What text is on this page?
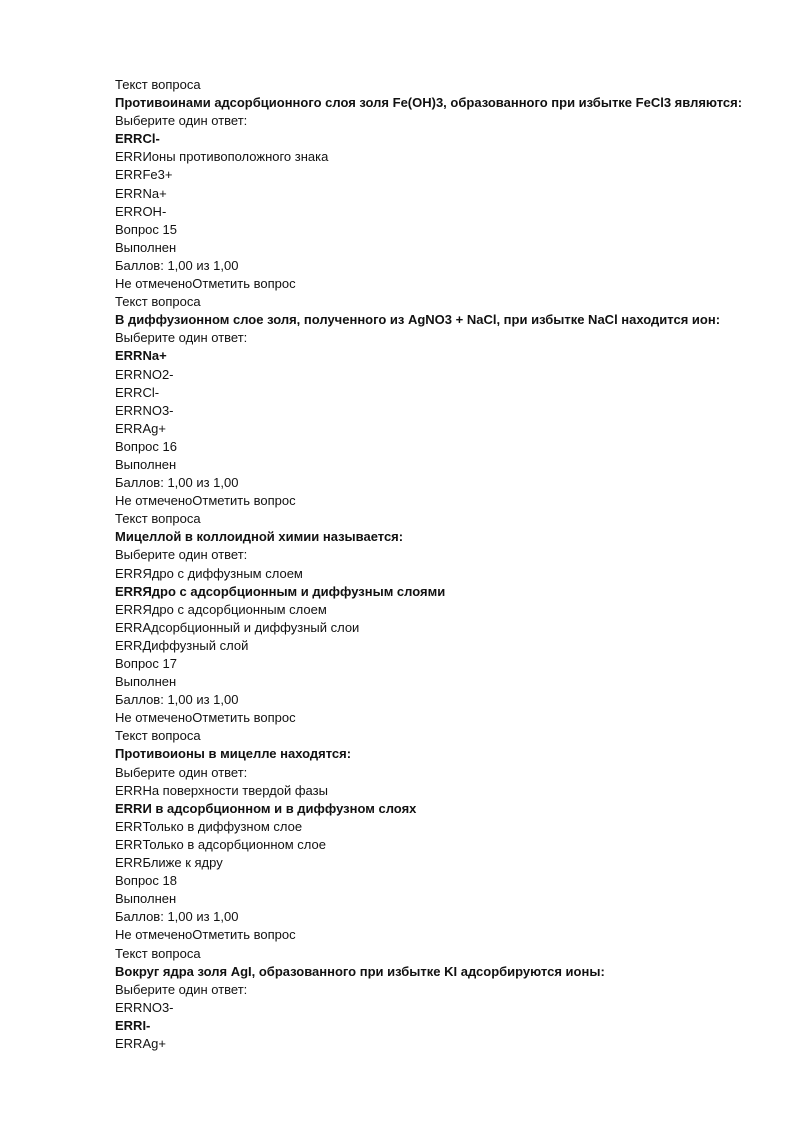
Текст вопроса
Противоинами адсорбционного слоя золя Fe(OH)3, образованного при избытке FeCl3 являются:
Выберите один ответ:
ERRCl-
ERRИоны противоположного знака
ERRFe3+
ERRNa+
ERROH-
Вопрос 15
Выполнен
Баллов: 1,00 из 1,00
Не отмеченоОтметить вопрос
Текст вопроса
В диффузионном слое золя, полученного из AgNO3 + NaCl, при избытке NaCl находится ион:
Выберите один ответ:
ERRNa+
ERRNO2-
ERRCl-
ERRNO3-
ERRAg+
Вопрос 16
Выполнен
Баллов: 1,00 из 1,00
Не отмеченоОтметить вопрос
Текст вопроса
Мицеллой в коллоидной химии называется:
Выберите один ответ:
ERRЯдро с диффузным слоем
ERRЯдро с адсорбционным и диффузным слоями
ERRЯдро с адсорбционным слоем
ERRАдсорбционный и диффузный слои
ERRДиффузный слой
Вопрос 17
Выполнен
Баллов: 1,00 из 1,00
Не отмеченоОтметить вопрос
Текст вопроса
Противоионы в мицелле находятся:
Выберите один ответ:
ERRНа поверхности твердой фазы
ERRИ в адсорбционном и в диффузном слоях
ERRТолько в диффузном слое
ERRТолько в адсорбционном слое
ERRБлиже к ядру
Вопрос 18
Выполнен
Баллов: 1,00 из 1,00
Не отмеченоОтметить вопрос
Текст вопроса
Вокруг ядра золя AgI, образованного при избытке KI адсорбируются ионы:
Выберите один ответ:
ERRNO3-
ERRI-
ERRAg+
